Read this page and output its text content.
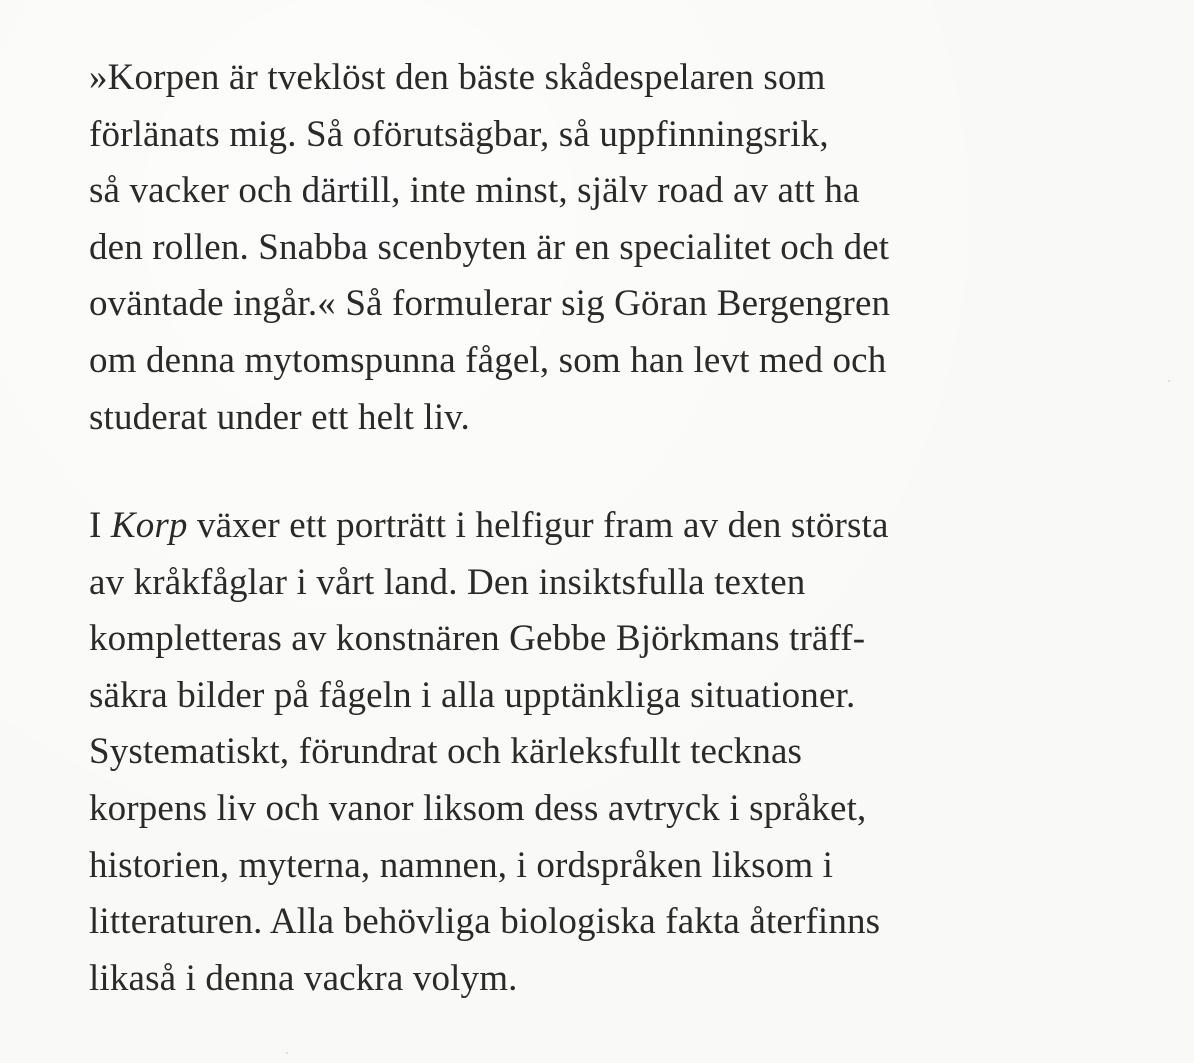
»Korpen är tveklöst den bäste skådespelaren som
förlänats mig. Så oförutsägbar, så uppfinningsrik,
så vacker och därtill, inte minst, själv road av att ha
den rollen. Snabba scenbyten är en specialitet och det
oväntade ingår.« Så formulerar sig Göran Bergengren
om denna mytomspunna fågel, som han levt med och
studerat under ett helt liv.
I Korp växer ett porträtt i helfigur fram av den största
av kråkfåglar i vårt land. Den insiktsfulla texten
kompletteras av konstnären Gebbe Björkmans träff-
säkra bilder på fågeln i alla upptänkliga situationer.
Systematiskt, förundrat och kärleksfullt tecknas
korpens liv och vanor liksom dess avtryck i språket,
historien, myterna, namnen, i ordspråken liksom i
litteraturen. Alla behövliga biologiska fakta återfinns
likaså i denna vackra volym.
